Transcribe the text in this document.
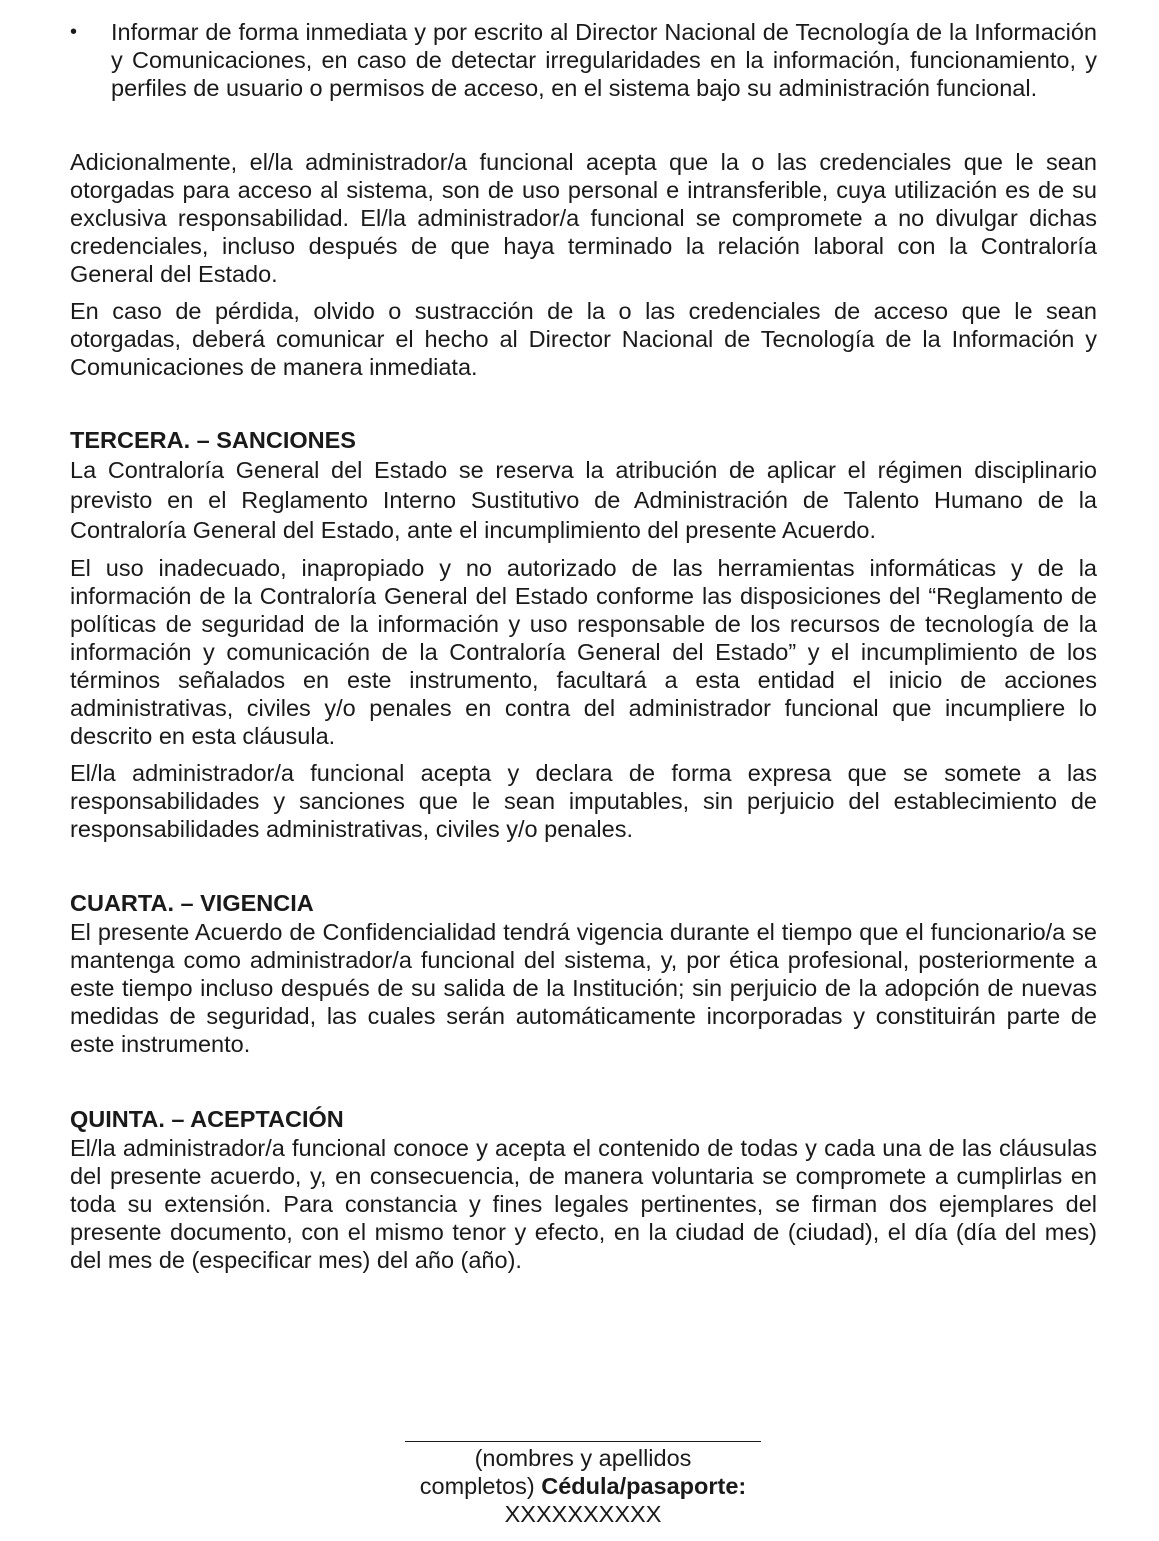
• Informar de forma inmediata y por escrito al Director Nacional de Tecnología de la Información y Comunicaciones, en caso de detectar irregularidades en la información, funcionamiento, y perfiles de usuario o permisos de acceso, en el sistema bajo su administración funcional.

Adicionalmente, el/la administrador/a funcional acepta que la o las credenciales que le sean otorgadas para acceso al sistema, son de uso personal e intransferible, cuya utilización es de su exclusiva responsabilidad. El/la administrador/a funcional se compromete a no divulgar dichas credenciales, incluso después de que haya terminado la relación laboral con la Contraloría General del Estado.

En caso de pérdida, olvido o sustracción de la o las credenciales de acceso que le sean otorgadas, deberá comunicar el hecho al Director Nacional de Tecnología de la Información y Comunicaciones de manera inmediata.

TERCERA. – SANCIONES

La Contraloría General del Estado se reserva la atribución de aplicar el régimen disciplinario previsto en el Reglamento Interno Sustitutivo de Administración de Talento Humano de la Contraloría General del Estado, ante el incumplimiento del presente Acuerdo.

El uso inadecuado, inapropiado y no autorizado de las herramientas informáticas y de la información de la Contraloría General del Estado conforme las disposiciones del “Reglamento de políticas de seguridad de la información y uso responsable de los recursos de tecnología de la información y comunicación de la Contraloría General del Estado” y el incumplimiento de los términos señalados en este instrumento, facultará a esta entidad el inicio de acciones administrativas, civiles y/o penales en contra del administrador funcional que incumpliere lo descrito en esta cláusula.

El/la administrador/a funcional acepta y declara de forma expresa que se somete a las responsabilidades y sanciones que le sean imputables, sin perjuicio del establecimiento de responsabilidades administrativas, civiles y/o penales.

CUARTA. – VIGENCIA

El presente Acuerdo de Confidencialidad tendrá vigencia durante el tiempo que el funcionario/a se mantenga como administrador/a funcional del sistema, y, por ética profesional, posteriormente a este tiempo incluso después de su salida de la Institución; sin perjuicio de la adopción de nuevas medidas de seguridad, las cuales serán automáticamente incorporadas y constituirán parte de este instrumento.

QUINTA. – ACEPTACIÓN

El/la administrador/a funcional conoce y acepta el contenido de todas y cada una de las cláusulas del presente acuerdo, y, en consecuencia, de manera voluntaria se compromete a cumplirlas en toda su extensión. Para constancia y fines legales pertinentes, se firman dos ejemplares del presente documento, con el mismo tenor y efecto, en la ciudad de (ciudad), el día (día del mes) del mes de (especificar mes) del año (año).

(nombres y apellidos
completos) Cédula/pasaporte:
XXXXXXXXXX
